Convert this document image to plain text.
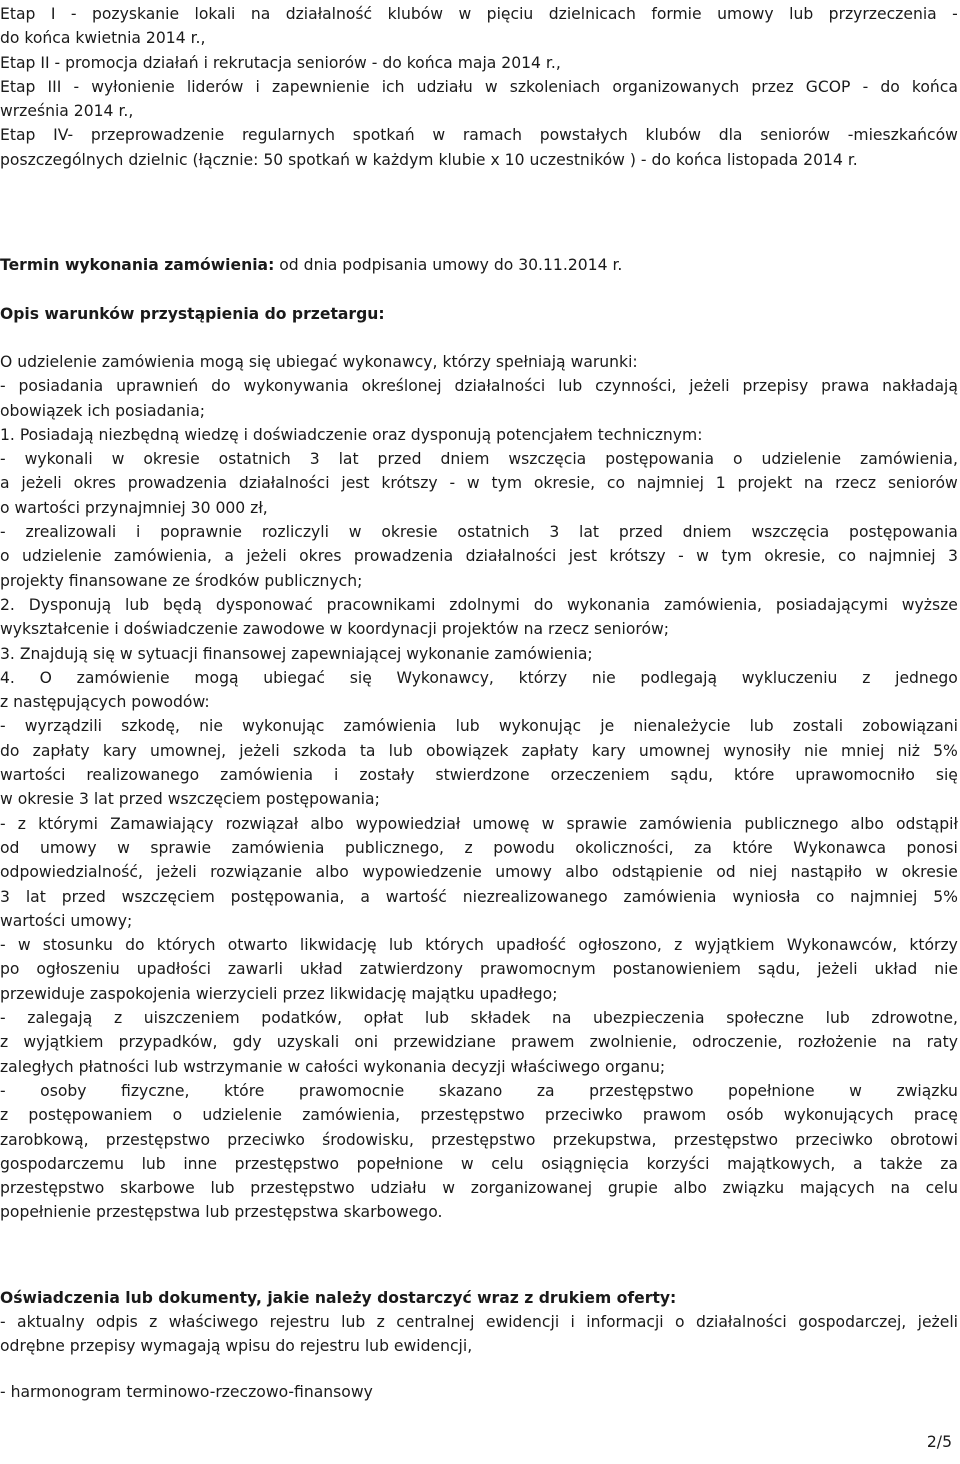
Etap I - pozyskanie lokali na działalność klubów w pięciu dzielnicach formie umowy lub przyrzeczenia -
do końca kwietnia 2014 r.,
Etap II - promocja działań i rekrutacja seniorów - do końca maja 2014 r.,
Etap III - wyłonienie liderów i zapewnienie ich udziału w szkoleniach organizowanych przez GCOP - do końca
września 2014 r.,
Etap IV- przeprowadzenie regularnych spotkań w ramach powstałych klubów dla seniorów -mieszkańców
poszczególnych dzielnic (łącznie: 50 spotkań w każdym klubie x 10 uczestników ) - do końca listopada 2014 r.
Termin wykonania zamówienia: od dnia podpisania umowy do 30.11.2014 r.
Opis warunków przystąpienia do przetargu:
O udzielenie zamówienia mogą się ubiegać wykonawcy, którzy spełniają warunki:
- posiadania uprawnień do wykonywania określonej działalności lub czynności, jeżeli przepisy prawa nakładają
obowiązek ich posiadania;
1. Posiadają niezbędną wiedzę i doświadczenie oraz dysponują potencjałem technicznym:
- wykonali w okresie ostatnich 3 lat przed dniem wszczęcia postępowania o udzielenie zamówienia,
a jeżeli okres prowadzenia działalności jest krótszy - w tym okresie, co najmniej 1 projekt na rzecz seniorów
o wartości przynajmniej 30 000 zł,
- zrealizowali i poprawnie rozliczyli w okresie ostatnich 3 lat przed dniem wszczęcia postępowania
o udzielenie zamówienia, a jeżeli okres prowadzenia działalności jest krótszy - w tym okresie, co najmniej 3
projekty finansowane ze środków publicznych;
2. Dysponują lub będą dysponować pracownikami zdolnymi do wykonania zamówienia, posiadającymi wyższe
wykształcenie i doświadczenie zawodowe w koordynacji projektów na rzecz seniorów;
3. Znajdują się w sytuacji finansowej zapewniającej wykonanie zamówienia;
4. O zamówienie mogą ubiegać się Wykonawcy, którzy nie podlegają wykluczeniu z jednego
z następujących powodów:
- wyrządzili szkodę, nie wykonując zamówienia lub wykonując je nienależycie lub zostali zobowiązani
do zapłaty kary umownej, jeżeli szkoda ta lub obowiązek zapłaty kary umownej wynosiły nie mniej niż 5%
wartości realizowanego zamówienia i zostały stwierdzone orzeczeniem sądu, które uprawomocniło się
w okresie 3 lat przed wszczęciem postępowania;
- z którymi Zamawiający rozwiązał albo wypowiedział umowę w sprawie zamówienia publicznego albo odstąpił
od umowy w sprawie zamówienia publicznego, z powodu okoliczności, za które Wykonawca ponosi
odpowiedzialność, jeżeli rozwiązanie albo wypowiedzenie umowy albo odstąpienie od niej nastąpiło w okresie
3 lat przed wszczęciem postępowania, a wartość niezrealizowanego zamówienia wyniosła co najmniej 5%
wartości umowy;
- w stosunku do których otwarto likwidację lub których upadłość ogłoszono, z wyjątkiem Wykonawców, którzy
po ogłoszeniu upadłości zawarli układ zatwierdzony prawomocnym postanowieniem sądu, jeżeli układ nie
przewiduje zaspokojenia wierzycieli przez likwidację majątku upadłego;
- zalegają z uiszczeniem podatków, opłat lub składek na ubezpieczenia społeczne lub zdrowotne,
z wyjątkiem przypadków, gdy uzyskali oni przewidziane prawem zwolnienie, odroczenie, rozłożenie na raty
zaległych płatności lub wstrzymanie w całości wykonania decyzji właściwego organu;
- osoby fizyczne, które prawomocnie skazano za przestępstwo popełnione w związku
z postępowaniem o udzielenie zamówienia, przestępstwo przeciwko prawom osób wykonujących pracę
zarobkową, przestępstwo przeciwko środowisku, przestępstwo przekupstwa, przestępstwo przeciwko obrotowi
gospodarczemu lub inne przestępstwo popełnione w celu osiągnięcia korzyści majątkowych, a także za
przestępstwo skarbowe lub przestępstwo udziału w zorganizowanej grupie albo związku mających na celu
popełnienie przestępstwa lub przestępstwa skarbowego.
Oświadczenia lub dokumenty, jakie należy dostarczyć wraz z drukiem oferty:
- aktualny odpis z właściwego rejestru lub z centralnej ewidencji i informacji o działalności gospodarczej, jeżeli
odrębne przepisy wymagają wpisu do rejestru lub ewidencji,
- harmonogram terminowo-rzeczowo-finansowy
2/5
